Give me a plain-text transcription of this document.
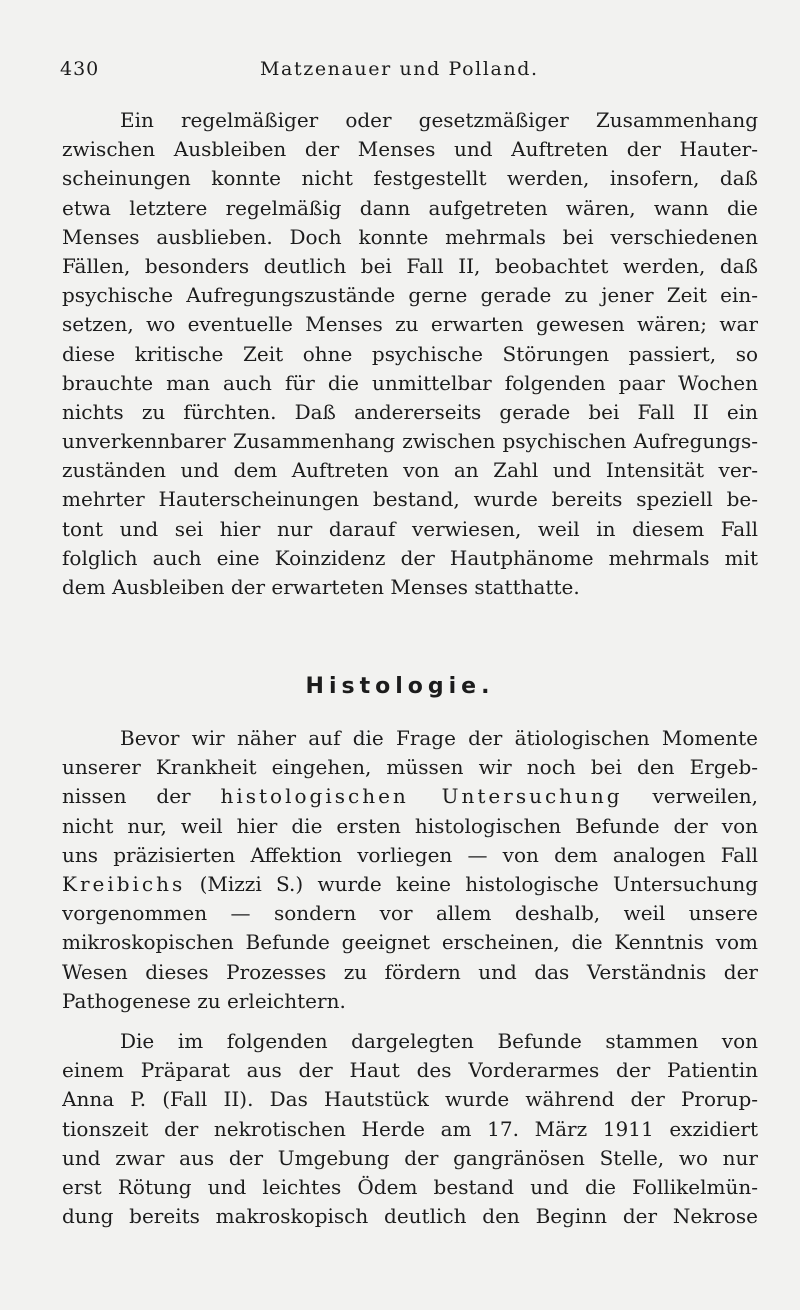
430	Matzenauer und Polland.
Ein regelmäßiger oder gesetzmäßiger Zusammenhang
zwischen Ausbleiben der Menses und Auftreten der Hauter-
scheinungen konnte nicht festgestellt werden, insofern, daß
etwa letztere regelmäßig dann aufgetreten wären, wann die
Menses ausblieben. Doch konnte mehrmals bei verschiedenen
Fällen, besonders deutlich bei Fall II, beobachtet werden, daß
psychische Aufregungszustände gerne gerade zu jener Zeit ein-
setzen, wo eventuelle Menses zu erwarten gewesen wären; war
diese kritische Zeit ohne psychische Störungen passiert, so
brauchte man auch für die unmittelbar folgenden paar Wochen
nichts zu fürchten. Daß andererseits gerade bei Fall II ein
unverkennbarer Zusammenhang zwischen psychischen Aufregungs-
zuständen und dem Auftreten von an Zahl und Intensität ver-
mehrter Hauterscheinungen bestand, wurde bereits speziell be-
tont und sei hier nur darauf verwiesen, weil in diesem Fall
folglich auch eine Koinzidenz der Hautphänome mehrmals mit
dem Ausbleiben der erwarteten Menses statthatte.
Histologie.
Bevor wir näher auf die Frage der ätiologischen Momente
unserer Krankheit eingehen, müssen wir noch bei den Ergeb-
nissen der histologischen Untersuchung verweilen,
nicht nur, weil hier die ersten histologischen Befunde der von
uns präzisierten Affektion vorliegen — von dem analogen Fall
Kreibichs (Mizzi S.) wurde keine histologische Untersuchung
vorgenommen — sondern vor allem deshalb, weil unsere
mikroskopischen Befunde geeignet erscheinen, die Kenntnis vom
Wesen dieses Prozesses zu fördern und das Verständnis der
Pathogenese zu erleichtern.
Die im folgenden dargelegten Befunde stammen von
einem Präparat aus der Haut des Vorderarmes der Patientin
Anna P. (Fall II). Das Hautstück wurde während der Prorup-
tionszeit der nekrotischen Herde am 17. März 1911 exzidiert
und zwar aus der Umgebung der gangränösen Stelle, wo nur
erst Rötung und leichtes Ödem bestand und die Follikelmün-
dung bereits makroskopisch deutlich den Beginn der Nekrose
